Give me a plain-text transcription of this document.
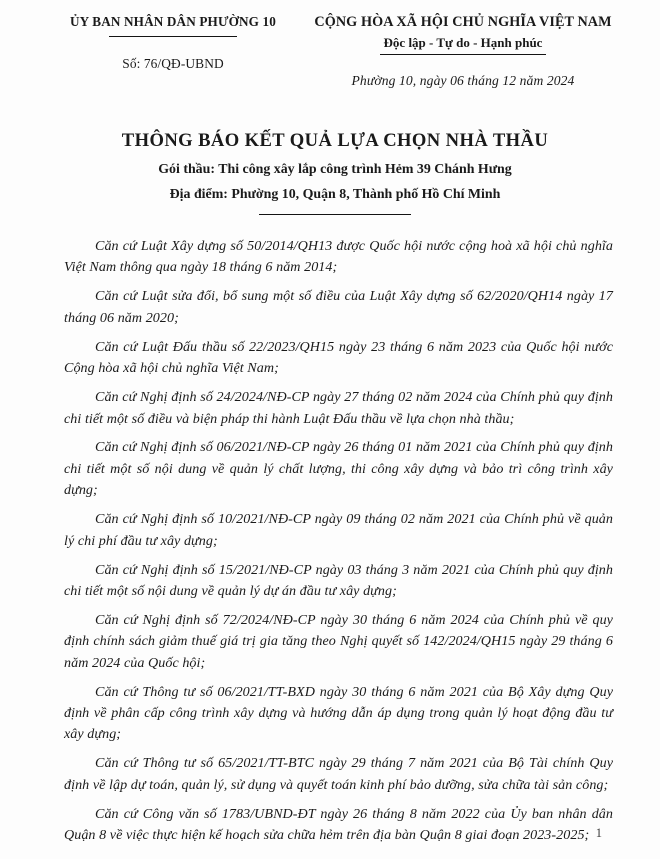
ỦY BAN NHÂN DÂN PHƯỜNG 10
Số: 76/QĐ-UBND
CỘNG HÒA XÃ HỘI CHỦ NGHĨA VIỆT NAM
Độc lập - Tự do - Hạnh phúc
Phường 10, ngày 06 tháng 12 năm 2024
THÔNG BÁO KẾT QUẢ LỰA CHỌN NHÀ THẦU
Gói thầu: Thi công xây lắp công trình Hẻm 39 Chánh Hưng
Địa điểm: Phường 10, Quận 8, Thành phố Hồ Chí Minh

Căn cứ Luật Xây dựng số 50/2014/QH13 được Quốc hội nước cộng hoà xã hội chủ nghĩa Việt Nam thông qua ngày 18 tháng 6 năm 2014;

Căn cứ Luật sửa đổi, bổ sung một số điều của Luật Xây dựng số 62/2020/QH14 ngày 17 tháng 06 năm 2020;

Căn cứ Luật Đấu thầu số 22/2023/QH15 ngày 23 tháng 6 năm 2023 của Quốc hội nước Cộng hòa xã hội chủ nghĩa Việt Nam;

Căn cứ Nghị định số 24/2024/NĐ-CP ngày 27 tháng 02 năm 2024 của Chính phủ quy định chi tiết một số điều và biện pháp thi hành Luật Đấu thầu về lựa chọn nhà thầu;

Căn cứ Nghị định số 06/2021/NĐ-CP ngày 26 tháng 01 năm 2021 của Chính phủ quy định chi tiết một số nội dung về quản lý chất lượng, thi công xây dựng và bảo trì công trình xây dựng;

Căn cứ Nghị định số 10/2021/NĐ-CP ngày 09 tháng 02 năm 2021 của Chính phủ về quản lý chi phí đầu tư xây dựng;

Căn cứ Nghị định số 15/2021/NĐ-CP ngày 03 tháng 3 năm 2021 của Chính phủ quy định chi tiết một số nội dung về quản lý dự án đầu tư xây dựng;

Căn cứ Nghị định số 72/2024/NĐ-CP ngày 30 tháng 6 năm 2024 của Chính phủ về quy định chính sách giảm thuế giá trị gia tăng theo Nghị quyết số 142/2024/QH15 ngày 29 tháng 6 năm 2024 của Quốc hội;

Căn cứ Thông tư số 06/2021/TT-BXD ngày 30 tháng 6 năm 2021 của Bộ Xây dựng Quy định về phân cấp công trình xây dựng và hướng dẫn áp dụng trong quản lý hoạt động đầu tư xây dựng;

Căn cứ Thông tư số 65/2021/TT-BTC ngày 29 tháng 7 năm 2021 của Bộ Tài chính Quy định về lập dự toán, quản lý, sử dụng và quyết toán kinh phí bảo dưỡng, sửa chữa tài sản công;

Căn cứ Công văn số 1783/UBND-ĐT ngày 26 tháng 8 năm 2022 của Ủy ban nhân dân Quận 8 về việc thực hiện kế hoạch sửa chữa hẻm trên địa bàn Quận 8 giai đoạn 2023-2025; 1
